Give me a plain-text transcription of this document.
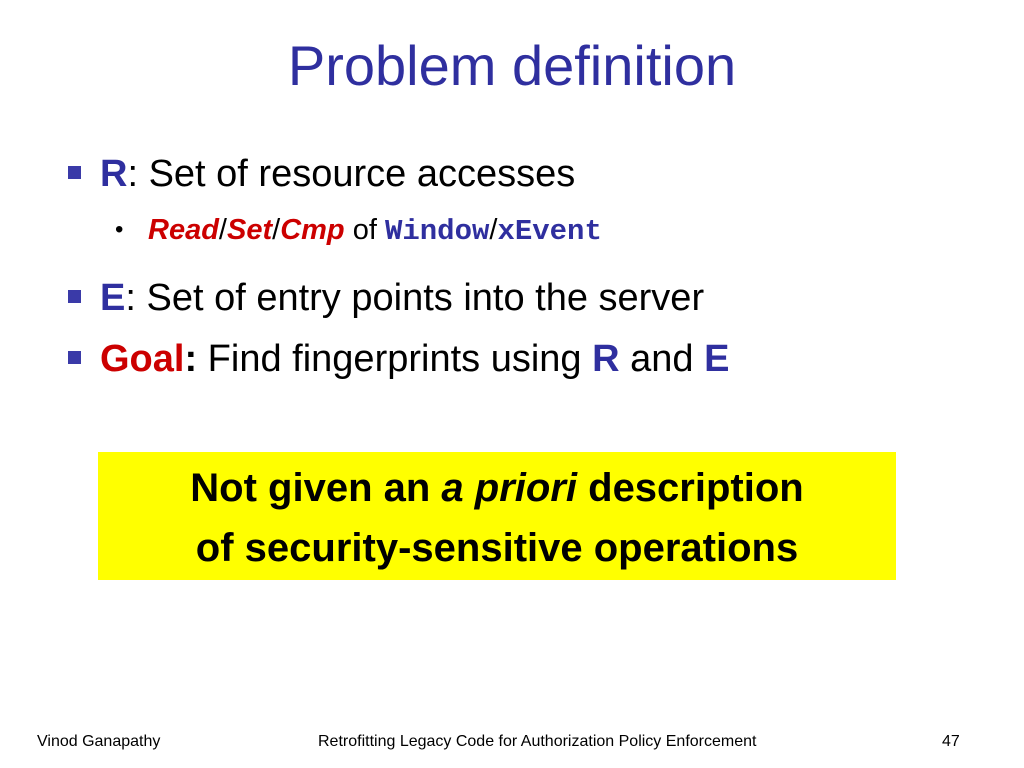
Problem definition
R: Set of resource accesses
• Read/Set/Cmp of Window/xEvent
E: Set of entry points into the server
Goal: Find fingerprints using R and E
Not given an a priori description
of security-sensitive operations
Vinod Ganapathy	Retrofitting Legacy Code for Authorization Policy Enforcement	47
